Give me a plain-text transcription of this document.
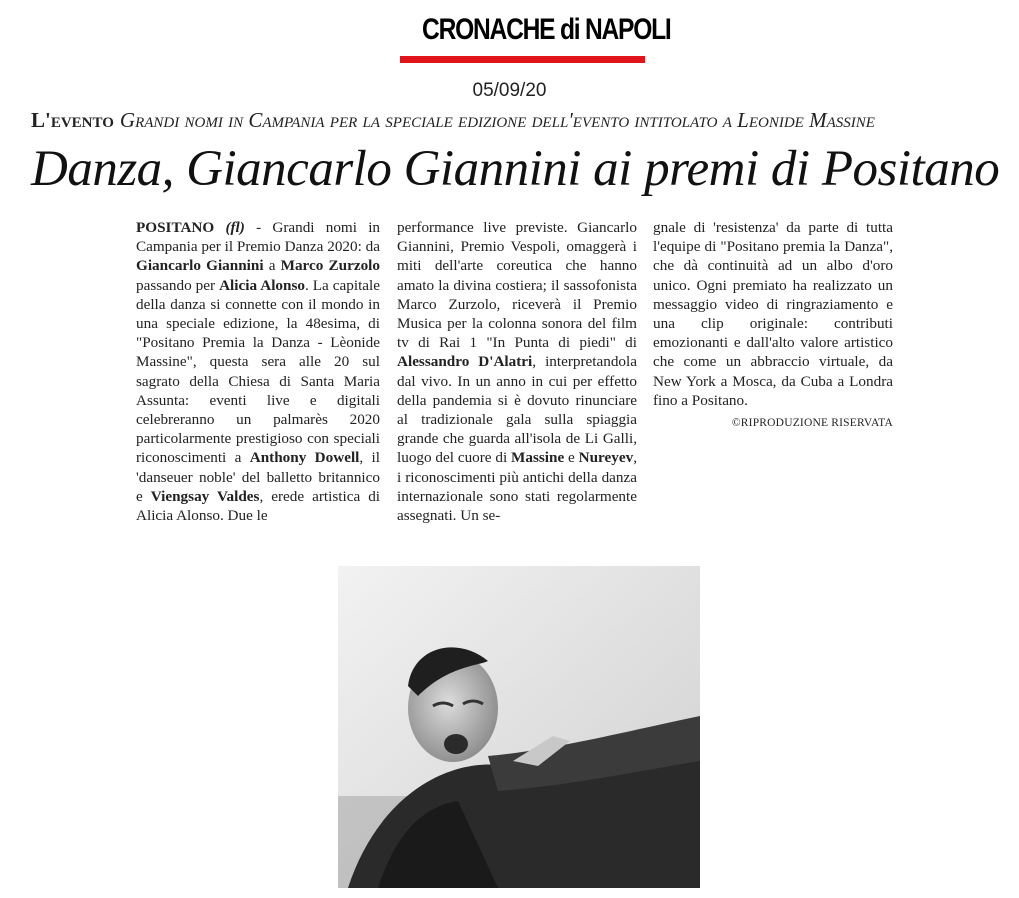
CRONACHE di NAPOLI
05/09/20
L'evento Grandi nomi in Campania per la speciale edizione dell'evento intitolato a Leonide Massine
Danza, Giancarlo Giannini ai premi di Positano

POSITANO (fl) - Grandi nomi in Campania per il Premio Danza 2020: da Giancarlo Giannini a Marco Zurzolo passando per Alicia Alonso. La capitale della danza si connette con il mondo in una speciale edizione, la 48esima, di "Positano Premia la Danza - Lèonide Massine", questa sera alle 20 sul sagrato della Chiesa di Santa Maria Assunta: eventi live e digitali celebreranno un palmarès 2020 particolarmente prestigioso con speciali riconoscimenti a Anthony Dowell, il 'danseuer noble' del balletto britannico e Viengsay Valdes, erede artistica di Alicia Alonso. Due le

performance live previste. Giancarlo Giannini, Premio Vespoli, omaggerà i miti dell'arte coreutica che hanno amato la divina costiera; il sassofonista Marco Zurzolo, riceverà il Premio Musica per la colonna sonora del film tv di Rai 1 "In Punta di piedi" di Alessandro D'Alatri, interpretandola dal vivo. In un anno in cui per effetto della pandemia si è dovuto rinunciare al tradizionale gala sulla spiaggia grande che guarda all'isola de Li Galli, luogo del cuore di Massine e Nureyev, i riconoscimenti più antichi della danza internazionale sono stati regolarmente assegnati. Un se-

gnale di 'resistenza' da parte di tutta l'equipe di "Positano premia la Danza", che dà continuità ad un albo d'oro unico. Ogni premiato ha realizzato un messaggio video di ringraziamento e una clip originale: contributi emozionanti e dall'alto valore artistico che come un abbraccio virtuale, da New York a Mosca, da Cuba a Londra fino a Positano.

©RIPRODUZIONE RISERVATA
